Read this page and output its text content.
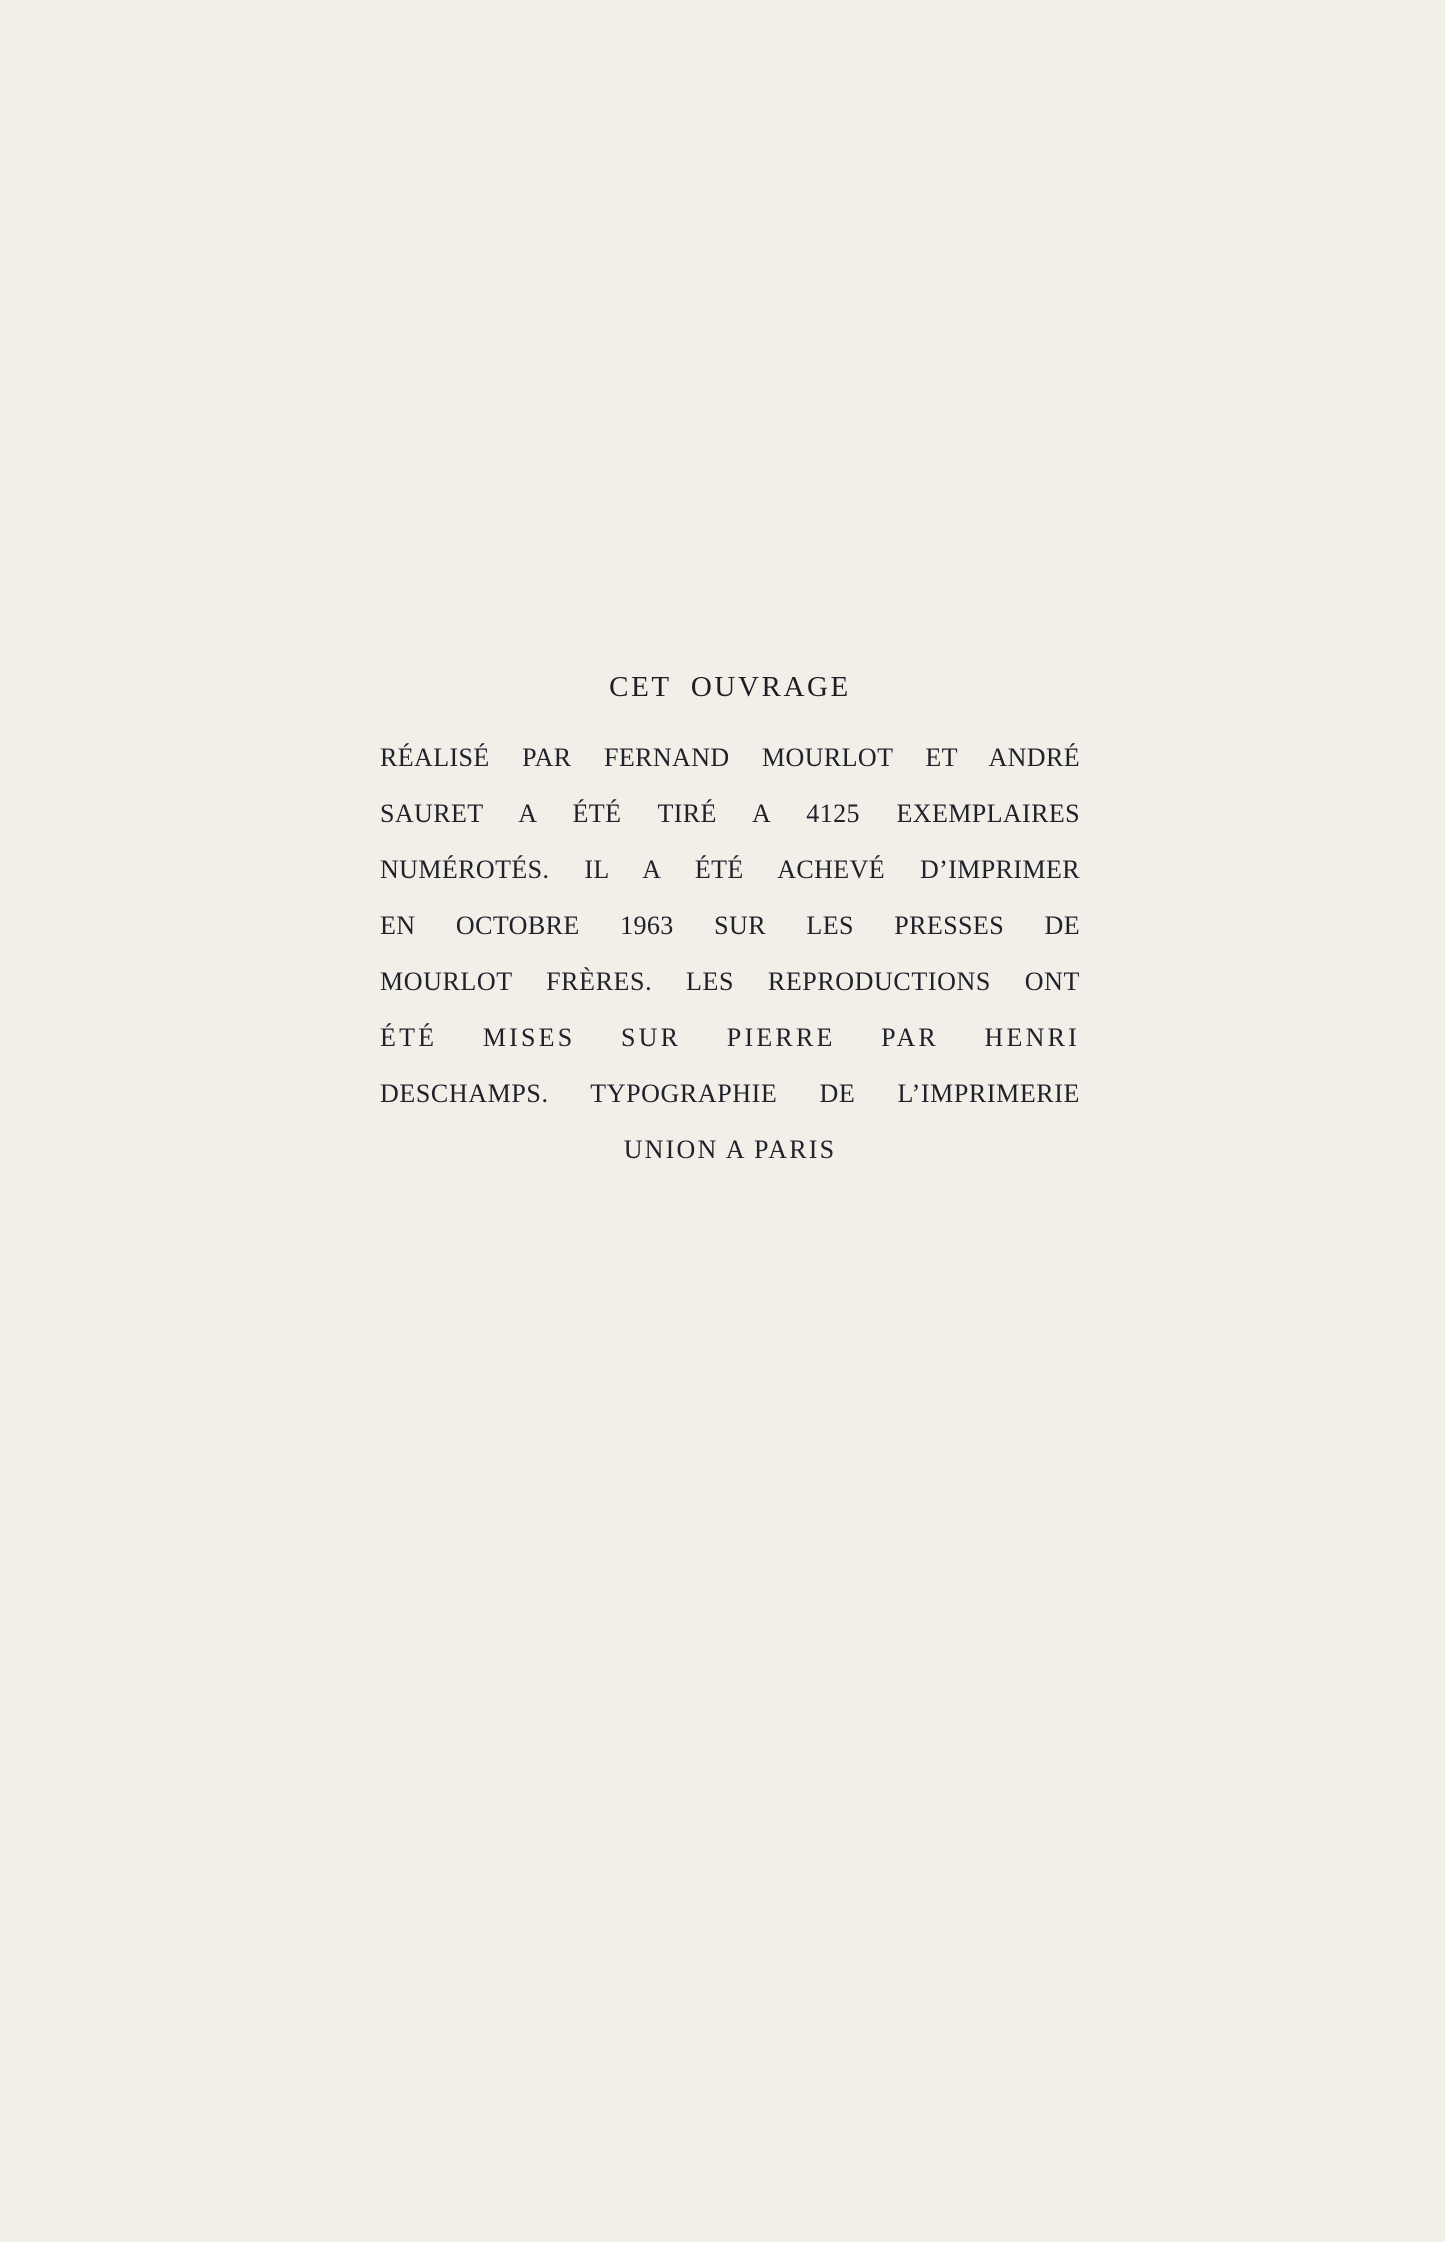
CET  OUVRAGE
RÉALISÉ PAR FERNAND MOURLOT ET ANDRÉ
SAURET A ÉTÉ TIRÉ A 4125 EXEMPLAIRES
NUMÉROTÉS. IL A ÉTÉ ACHEVÉ D’IMPRIMER
EN OCTOBRE 1963 SUR LES PRESSES DE
MOURLOT FRÈRES. LES REPRODUCTIONS ONT
ÉTÉ MISES SUR PIERRE PAR HENRI
DESCHAMPS. TYPOGRAPHIE DE L’IMPRIMERIE
UNION A PARIS
